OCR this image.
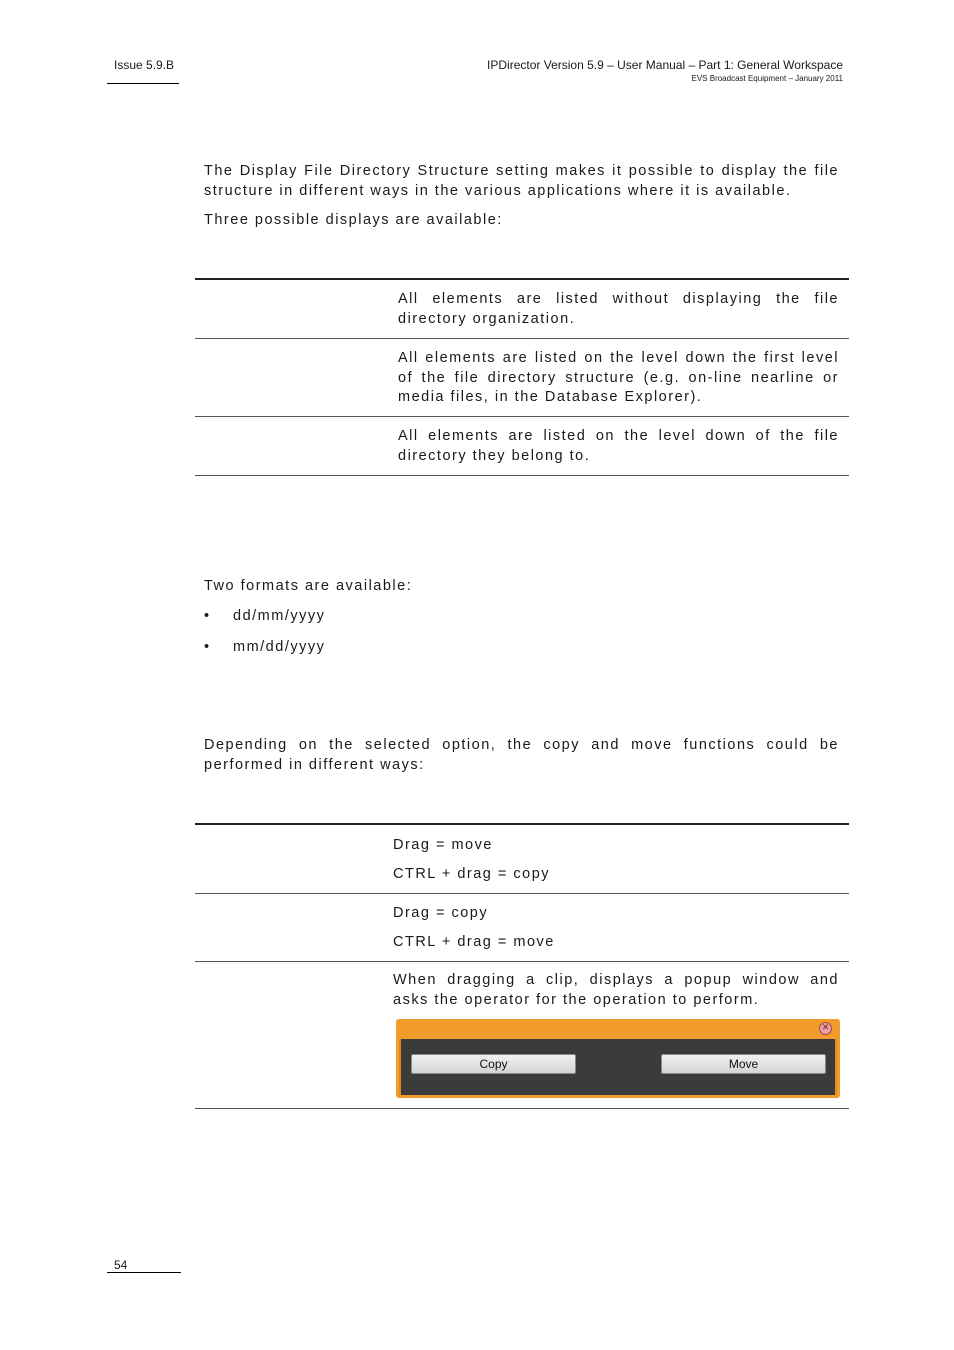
Issue 5.9.B	IPDirector Version 5.9 – User Manual – Part 1: General Workspace
EVS Broadcast Equipment – January 2011
The Display File Directory Structure setting makes it possible to display the file structure in different ways in the various applications where it is available.
Three possible displays are available:
All elements are listed without displaying the file directory organization.
All elements are listed on the level down the first level of the file directory structure (e.g. on-line nearline or media files, in the Database Explorer).
All elements are listed on the level down of the file directory they belong to.
Two formats are available:
• dd/mm/yyyy
• mm/dd/yyyy
Depending on the selected option, the copy and move functions could be performed in different ways:
Drag = move
CTRL + drag = copy
Drag = copy
CTRL + drag = move
When dragging a clip, displays a popup window and asks the operator for the operation to perform.
✕
Copy	Move
54
